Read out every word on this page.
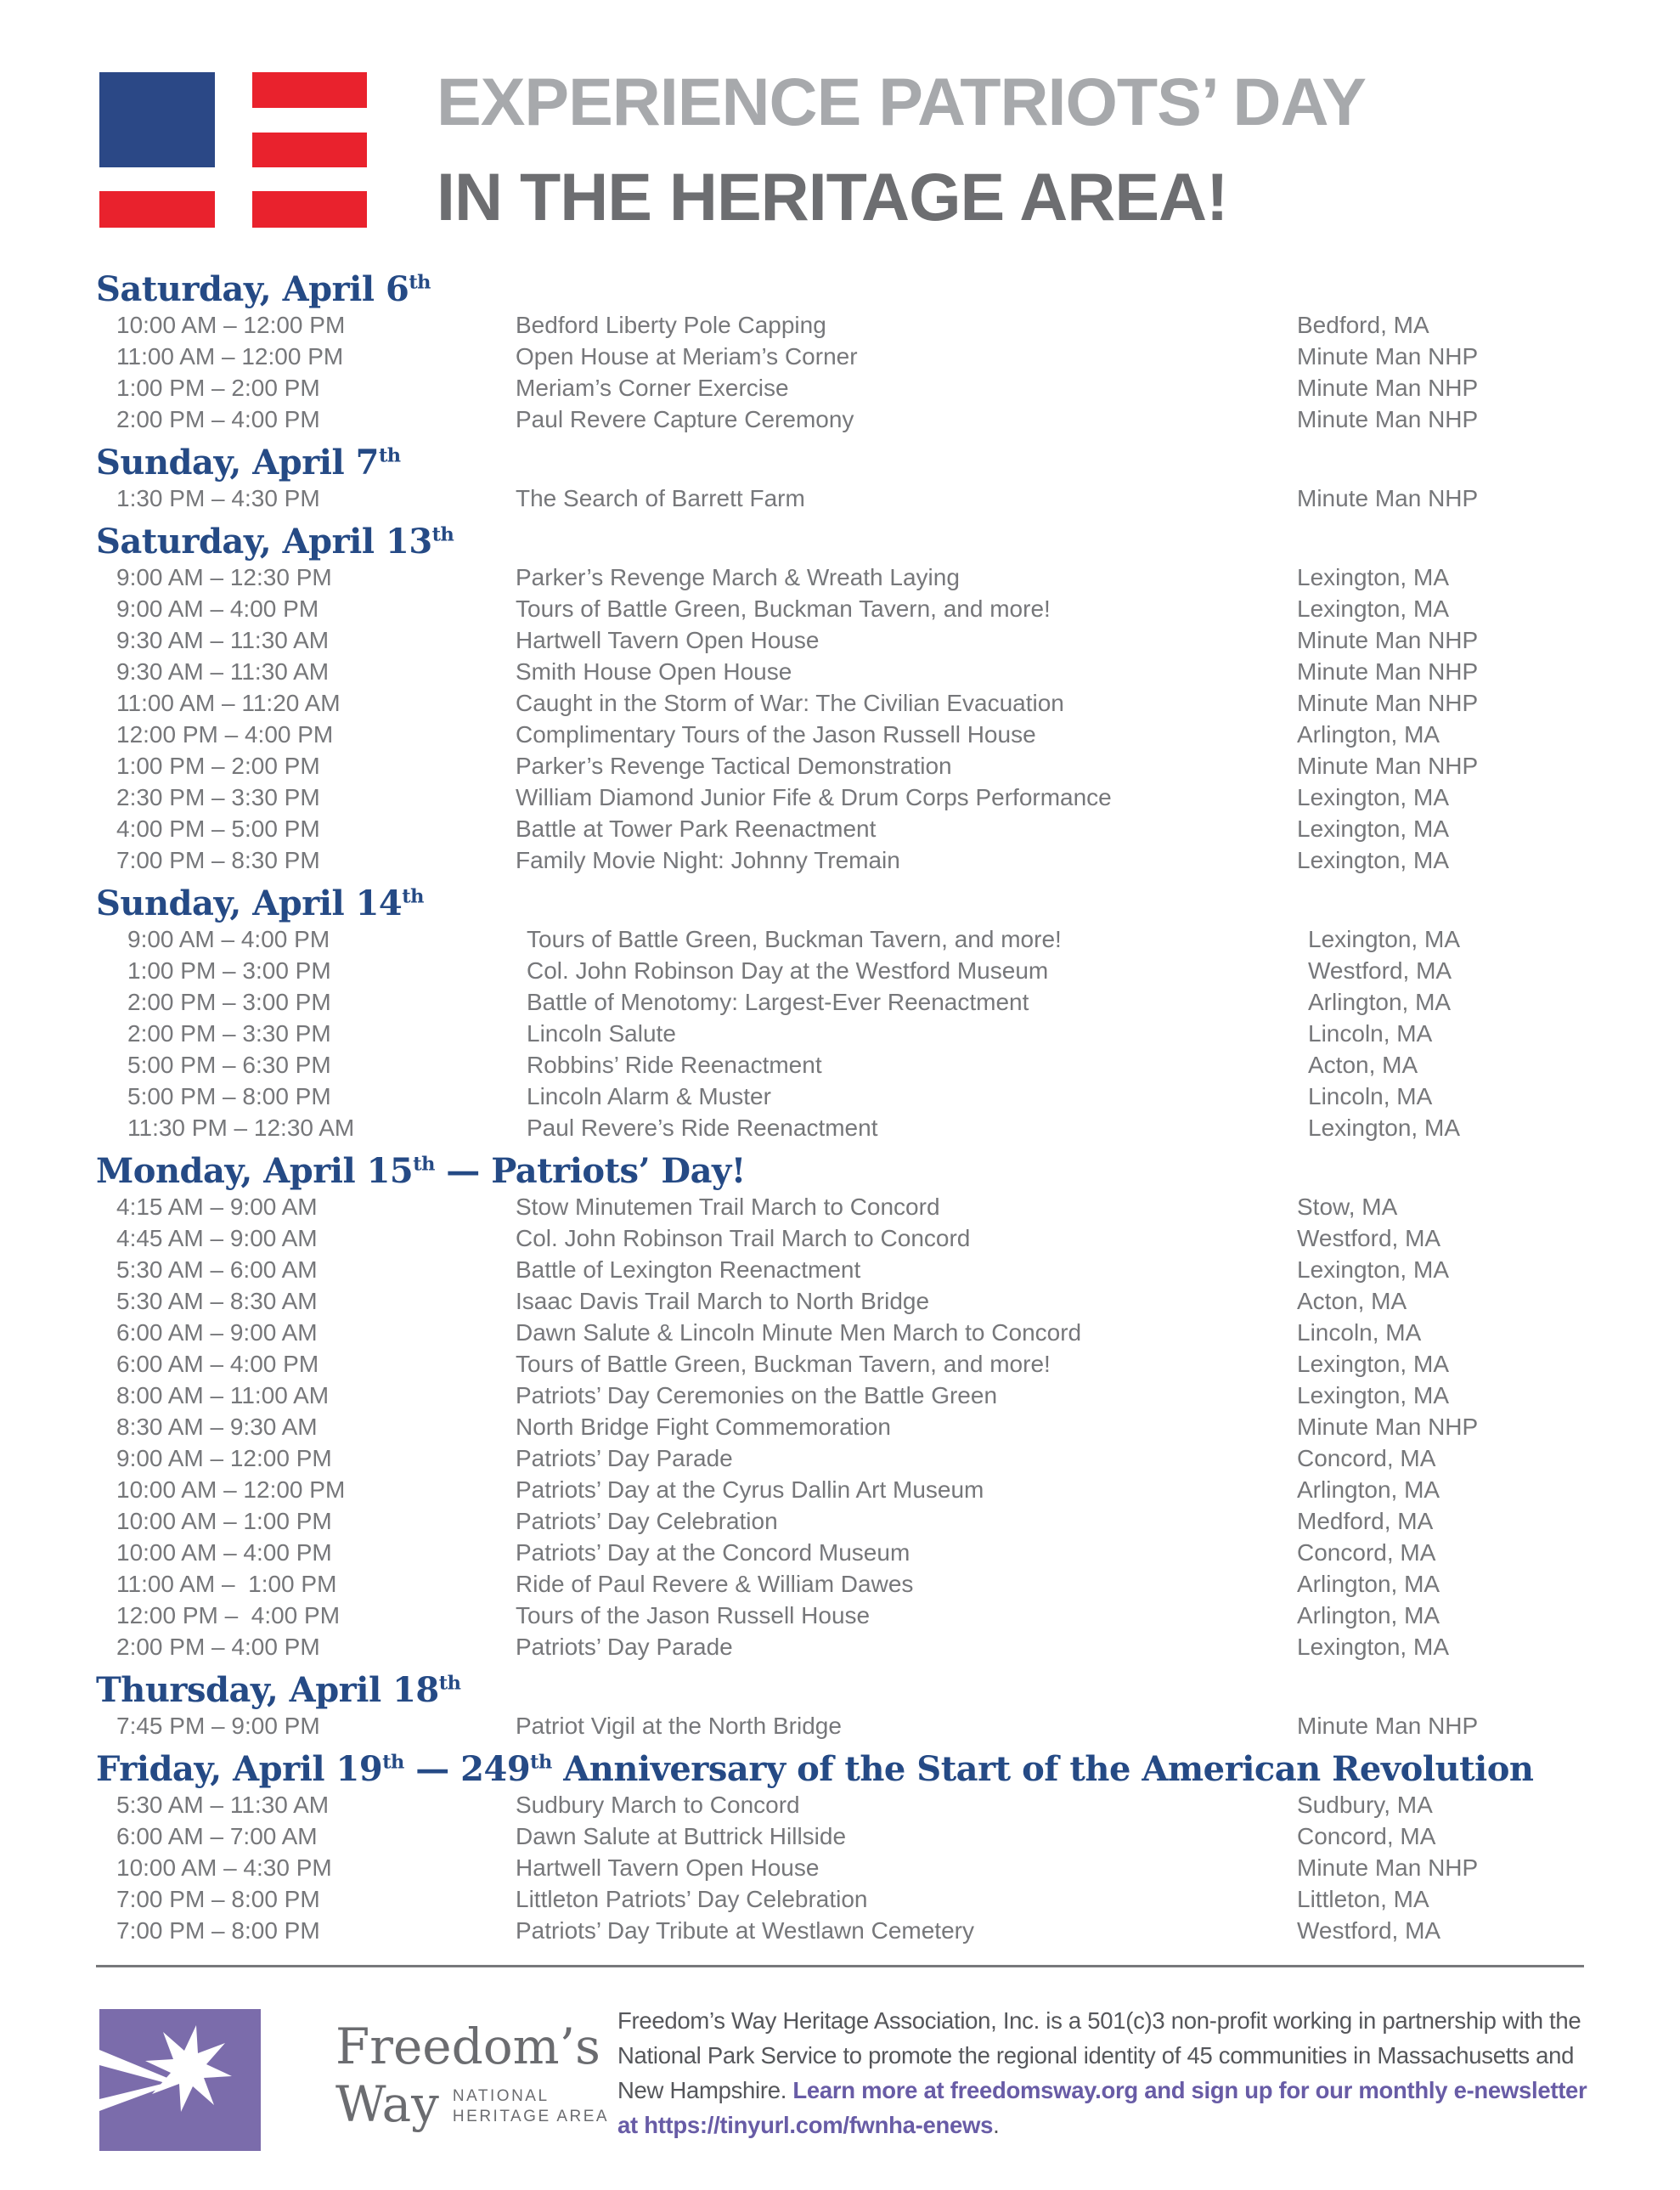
EXPERIENCE PATRIOTS’ DAY
IN THE HERITAGE AREA!
Saturday, April 6th
10:00 AM – 12:00 PM	Bedford Liberty Pole Capping	Bedford, MA
11:00 AM – 12:00 PM	Open House at Meriam’s Corner	Minute Man NHP
1:00 PM – 2:00 PM	Meriam’s Corner Exercise	Minute Man NHP
2:00 PM – 4:00 PM	Paul Revere Capture Ceremony	Minute Man NHP
Sunday, April 7th
1:30 PM – 4:30 PM	The Search of Barrett Farm	Minute Man NHP
Saturday, April 13th
9:00 AM – 12:30 PM	Parker’s Revenge March & Wreath Laying	Lexington, MA
9:00 AM – 4:00 PM	Tours of Battle Green, Buckman Tavern, and more!	Lexington, MA
9:30 AM – 11:30 AM	Hartwell Tavern Open House	Minute Man NHP
9:30 AM – 11:30 AM	Smith House Open House	Minute Man NHP
11:00 AM – 11:20 AM	Caught in the Storm of War: The Civilian Evacuation	Minute Man NHP
12:00 PM – 4:00 PM	Complimentary Tours of the Jason Russell House	Arlington, MA
1:00 PM – 2:00 PM	Parker’s Revenge Tactical Demonstration	Minute Man NHP
2:30 PM – 3:30 PM	William Diamond Junior Fife & Drum Corps Performance	Lexington, MA
4:00 PM – 5:00 PM	Battle at Tower Park Reenactment	Lexington, MA
7:00 PM – 8:30 PM	Family Movie Night: Johnny Tremain	Lexington, MA
Sunday, April 14th
9:00 AM – 4:00 PM	Tours of Battle Green, Buckman Tavern, and more!	Lexington, MA
1:00 PM – 3:00 PM	Col. John Robinson Day at the Westford Museum	Westford, MA
2:00 PM – 3:00 PM	Battle of Menotomy: Largest-Ever Reenactment	Arlington, MA
2:00 PM – 3:30 PM	Lincoln Salute	Lincoln, MA
5:00 PM – 6:30 PM	Robbins’ Ride Reenactment	Acton, MA
5:00 PM – 8:00 PM	Lincoln Alarm & Muster	Lincoln, MA
11:30 PM – 12:30 AM	Paul Revere’s Ride Reenactment	Lexington, MA
Monday, April 15th — Patriots’ Day!
4:15 AM – 9:00 AM	Stow Minutemen Trail March to Concord	Stow, MA
4:45 AM – 9:00 AM	Col. John Robinson Trail March to Concord	Westford, MA
5:30 AM – 6:00 AM	Battle of Lexington Reenactment	Lexington, MA
5:30 AM – 8:30 AM	Isaac Davis Trail March to North Bridge	Acton, MA
6:00 AM – 9:00 AM	Dawn Salute & Lincoln Minute Men March to Concord	Lincoln, MA
6:00 AM – 4:00 PM	Tours of Battle Green, Buckman Tavern, and more!	Lexington, MA
8:00 AM – 11:00 AM	Patriots’ Day Ceremonies on the Battle Green	Lexington, MA
8:30 AM – 9:30 AM	North Bridge Fight Commemoration	Minute Man NHP
9:00 AM – 12:00 PM	Patriots’ Day Parade	Concord, MA
10:00 AM – 12:00 PM	Patriots’ Day at the Cyrus Dallin Art Museum	Arlington, MA
10:00 AM – 1:00 PM	Patriots’ Day Celebration	Medford, MA
10:00 AM – 4:00 PM	Patriots’ Day at the Concord Museum	Concord, MA
11:00 AM –  1:00 PM	Ride of Paul Revere & William Dawes	Arlington, MA
12:00 PM –  4:00 PM	Tours of the Jason Russell House	Arlington, MA
2:00 PM – 4:00 PM	Patriots’ Day Parade	Lexington, MA
Thursday, April 18th
7:45 PM – 9:00 PM	Patriot Vigil at the North Bridge	Minute Man NHP
Friday, April 19th — 249th Anniversary of the Start of the American Revolution
5:30 AM – 11:30 AM	Sudbury March to Concord	Sudbury, MA
6:00 AM – 7:00 AM	Dawn Salute at Buttrick Hillside	Concord, MA
10:00 AM – 4:30 PM	Hartwell Tavern Open House	Minute Man NHP
7:00 PM – 8:00 PM	Littleton Patriots’ Day Celebration	Littleton, MA
7:00 PM – 8:00 PM	Patriots’ Day Tribute at Westlawn Cemetery	Westford, MA
Freedom’s
Way NATIONAL
HERITAGE AREA
Freedom’s Way Heritage Association, Inc. is a 501(c)3 non-profit working in partnership with the National Park Service to promote the regional identity of 45 communities in Massachusetts and New Hampshire. Learn more at freedomsway.org and sign up for our monthly e-newsletter at https://tinyurl.com/fwnha-enews.
